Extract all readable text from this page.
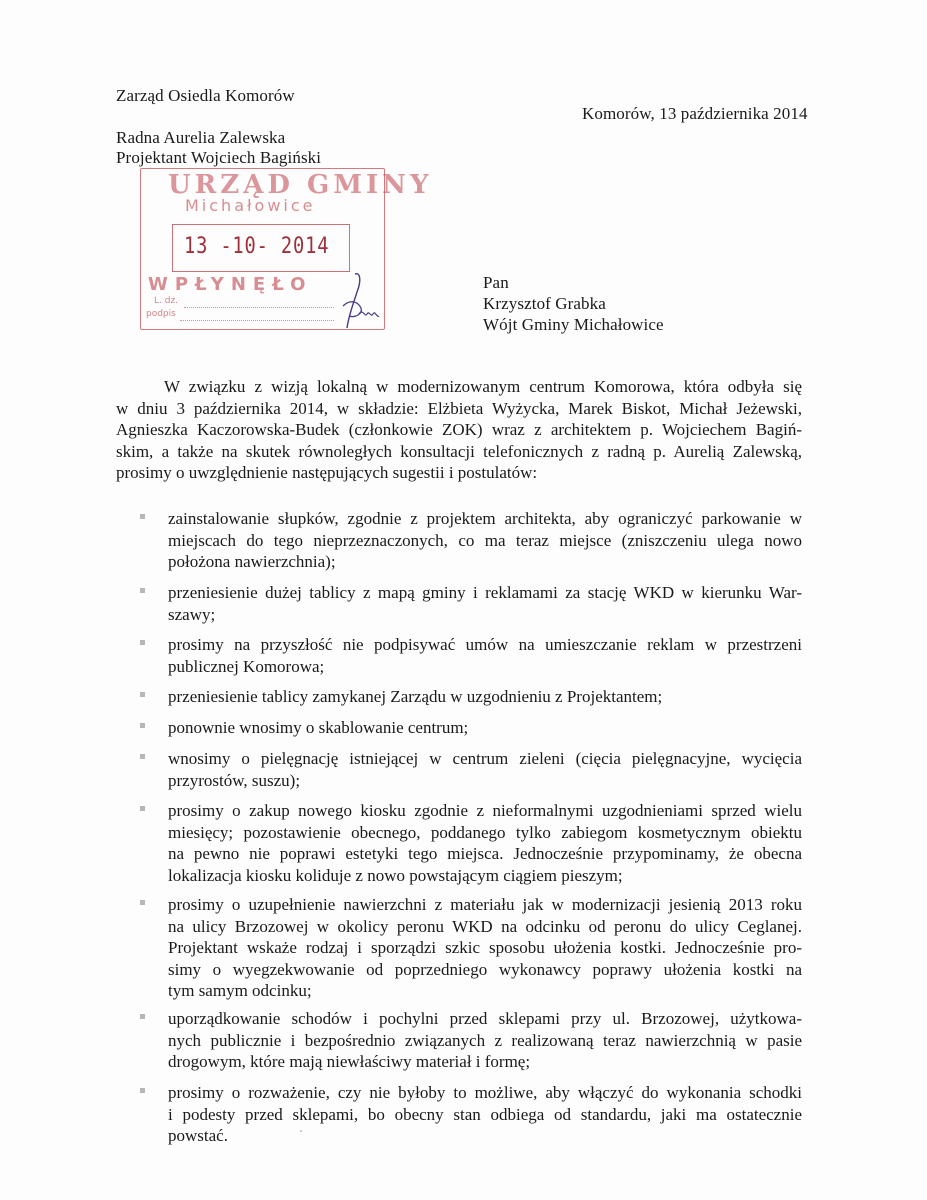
Zarząd Osiedla Komorów
Radna Aurelia Zalewska
Projektant Wojciech Bagiński
Komorów, 13 października 2014
URZĄD GMINY
Michałowice
13 -10- 2014
WPŁYNĘŁO
L. dz.
podpis
Pan
Krzysztof Grabka
Wójt Gminy Michałowice
W związku z wizją lokalną w modernizowanym centrum Komorowa, która odbyła się
w dniu 3 października 2014, w składzie: Elżbieta Wyżycka, Marek Biskot, Michał Jeżewski,
Agnieszka Kaczorowska-Budek (członkowie ZOK) wraz z architektem p. Wojciechem Bagiń-
skim, a także na skutek równoległych konsultacji telefonicznych z radną p. Aurelią Zalewską,
prosimy o uwzględnienie następujących sugestii i postulatów:
zainstalowanie słupków, zgodnie z projektem architekta, aby ograniczyć parkowanie w
miejscach do tego nieprzeznaczonych, co ma teraz miejsce (zniszczeniu ulega nowo
położona nawierzchnia);
przeniesienie dużej tablicy z mapą gminy i reklamami za stację WKD w kierunku War-
szawy;
prosimy na przyszłość nie podpisywać umów na umieszczanie reklam w przestrzeni
publicznej Komorowa;
przeniesienie tablicy zamykanej Zarządu w uzgodnieniu z Projektantem;
ponownie wnosimy o skablowanie centrum;
wnosimy o pielęgnację istniejącej w centrum zieleni (cięcia pielęgnacyjne, wycięcia
przyrostów, suszu);
prosimy o zakup nowego kiosku zgodnie z nieformalnymi uzgodnieniami sprzed wielu
miesięcy; pozostawienie obecnego, poddanego tylko zabiegom kosmetycznym obiektu
na pewno nie poprawi estetyki tego miejsca. Jednocześnie przypominamy, że obecna
lokalizacja kiosku koliduje z nowo powstającym ciągiem pieszym;
prosimy o uzupełnienie nawierzchni z materiału jak w modernizacji jesienią 2013 roku
na ulicy Brzozowej w okolicy peronu WKD na odcinku od peronu do ulicy Ceglanej.
Projektant wskaże rodzaj i sporządzi szkic sposobu ułożenia kostki. Jednocześnie pro-
simy o wyegzekwowanie od poprzedniego wykonawcy poprawy ułożenia kostki na
tym samym odcinku;
uporządkowanie schodów i pochylni przed sklepami przy ul. Brzozowej, użytkowa-
nych publicznie i bezpośrednio związanych z realizowaną teraz nawierzchnią w pasie
drogowym, które mają niewłaściwy materiał i formę;
prosimy o rozważenie, czy nie byłoby to możliwe, aby włączyć do wykonania schodki
i podesty przed sklepami, bo obecny stan odbiega od standardu, jaki ma ostatecznie
powstać.
